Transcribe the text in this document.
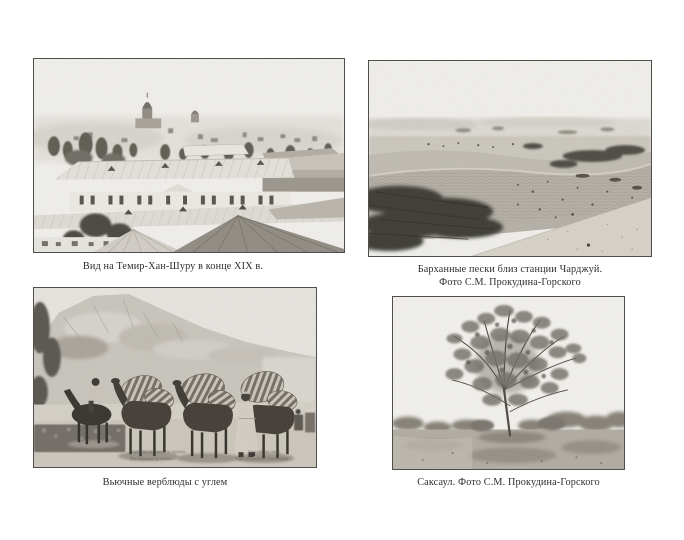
Вид на Темир-Хан-Шуру в конце XIX в.	Барханные пески близ станции Чарджуй.
Фото С.М. Прокудина-Горского
Верблюды вьючные съ грузомъ.	Закаспійскіе типы.
Des chameaux de transport.	Types de territoire Transcaspien.
Вьючные верблюды с углем	Саксаул. Фото С.М. Прокудина-Горского
